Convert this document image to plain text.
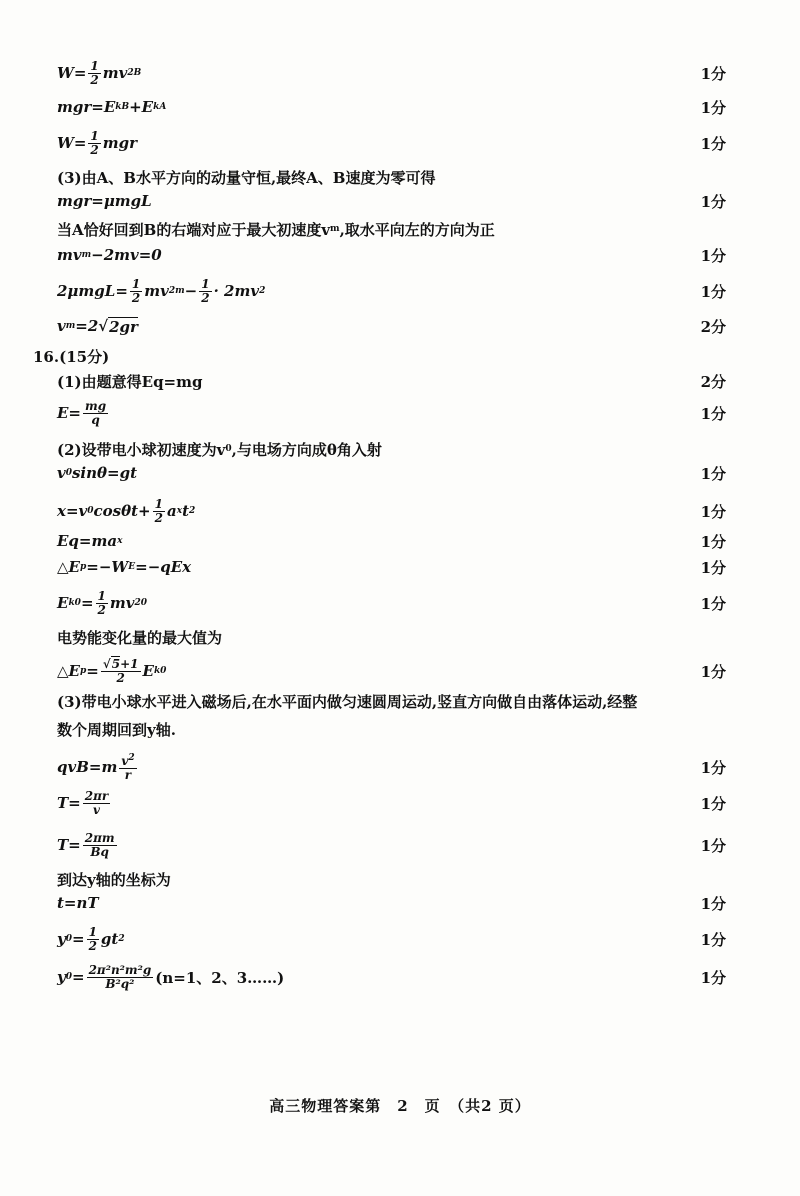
$W= \frac{1}{2}$ mv 2 B	1分
mgr=E kB +E kA	1分
$W= \frac{1}{2}$ mgr	1分
(3)由A、B水平方向的动量守恒,最终A、B速度为零可得
mgr=μmgL	1分
当A恰好回到B的右端对应于最大初速度v m ,取水平向左的方向为正
mv m −2mv=0	1分
$2\mu mgL= \frac{1}{2}$ mv 2 $m - \frac{1}{2} \cdot 2mv$ 2	1分
v m =2 √ 2gr	2分
16.(15分)
(1)由题意得Eq=mg	2分
$E= \frac{mg}{q}$	1分
(2)设带电小球初速度为v 0 ,与电场方向成θ角入射
v 0 sinθ=gt	1分
x=v 0 $\cos\theta t+ \frac{1}{2}$ a x t 2	1分
Eq=ma x	1分
△E p =−W E =−qEx	1分
E $k0 = \frac{1}{2}$ mv 2 0	1分
电势能变化量的最大值为
△E $p = \frac{√5+1}{2}$ E k0	1分
(3)带电小球水平进入磁场后,在水平面内做匀速圆周运动,竖直方向做自由落体运动,经整
数个周期回到y轴.
$qvB=m \frac{v^2}{r}$	1分
$T= \frac{2\pi r}{v}$	1分
$T= \frac{2\pi m}{Bq}$	1分
到达y轴的坐标为
t=nT	1分
y $0 = \frac{1}{2}$ gt 2	1分
y $0 = \frac{\text{2π²n²m²g}}{\text{B²q²}} (n=1$、2、3……)	1分
高三物理答案第　2　页　（共2 页）
